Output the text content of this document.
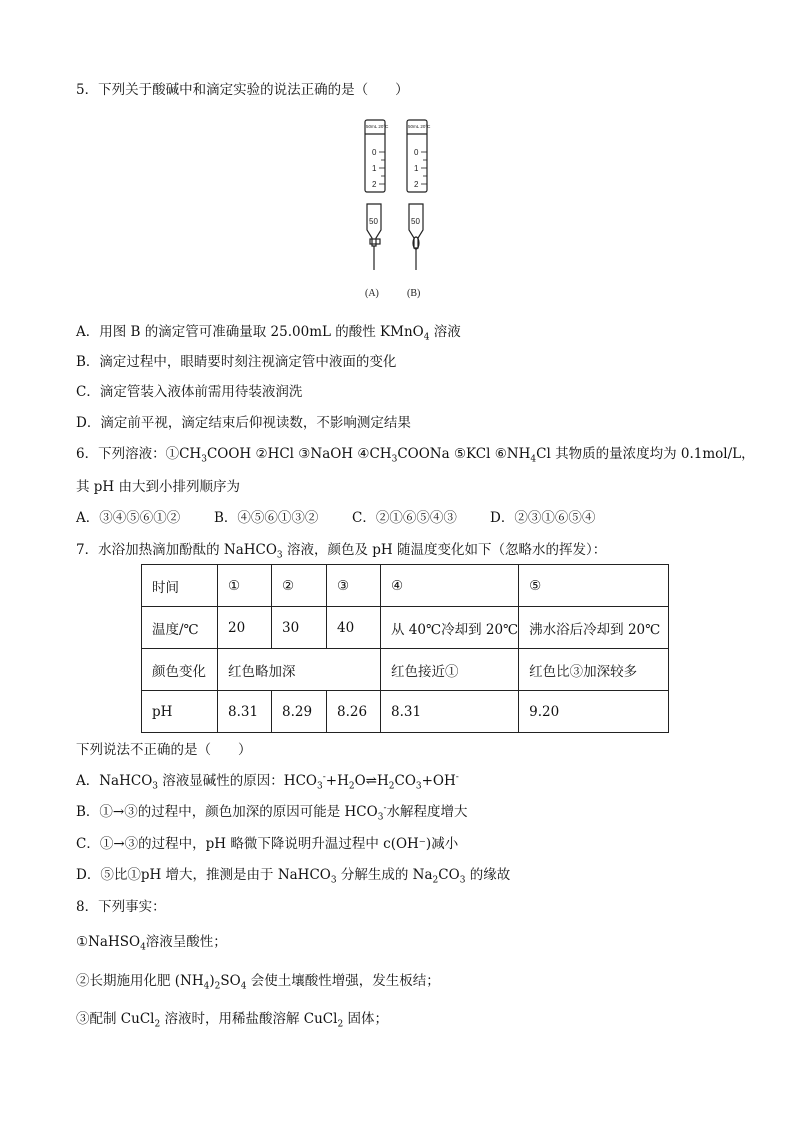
5．下列关于酸碱中和滴定实验的说法正确的是（　　）
0
1
2
0
1
2
50mL 20°C	50mL 20°C
50	50
(A)	(B)
A．用图 B 的滴定管可准确量取 25.00mL 的酸性 KMnO$_4$ 溶液
B．滴定过程中，眼睛要时刻注视滴定管中液面的变化
C．滴定管装入液体前需用待装液润洗
D．滴定前平视，滴定结束后仰视读数，不影响测定结果
6．下列溶液：$①CH_3COOH$ ②HCl ③NaOH $④CH_3COONa$ ⑤KCl $⑥NH_4Cl$ 其物质的量浓度均为 0.1mol/L，
其 pH 由大到小排列顺序为
A．③④⑤⑥①②	B．④⑤⑥①③② C．②①⑥⑤④③ D．②③①⑥⑤④
7．水浴加热滴加酚酞的 NaHCO$_3$ 溶液，颜色及 pH 随温度变化如下（忽略水的挥发）：
时间	①	②	③	④	⑤
温度/℃	20	30	40	从 40℃冷却到 20℃	沸水浴后冷却到 20℃
颜色变化	红色略加深			红色接近①	红色比③加深较多
pH	8.31	8.29	8.26	8.31	9.20
下列说法不正确的是（　　）
A．NaHCO$_3$ 溶液显碱性的原因：$HCO_3^-+H_2O\rightleftharpoons H_2CO_3+OH^-$
B．①→③的过程中，颜色加深的原因可能是 $HCO_3^-$水解程度增大
C．①→③的过程中，pH 略微下降说明升温过程中 c(OH⁻)减小
D．⑤比①pH 增大，推测是由于 NaHCO$_3$ 分解生成的 $Na_2CO_3$ 的缘故
8．下列事实：
①NaHSO$_4$溶液呈酸性；
②长期施用化肥 $(NH_4)_2SO_4$ 会使土壤酸性增强，发生板结；
③配制 CuCl$_2$ 溶液时，用稀盐酸溶解 CuCl$_2$ 固体；
